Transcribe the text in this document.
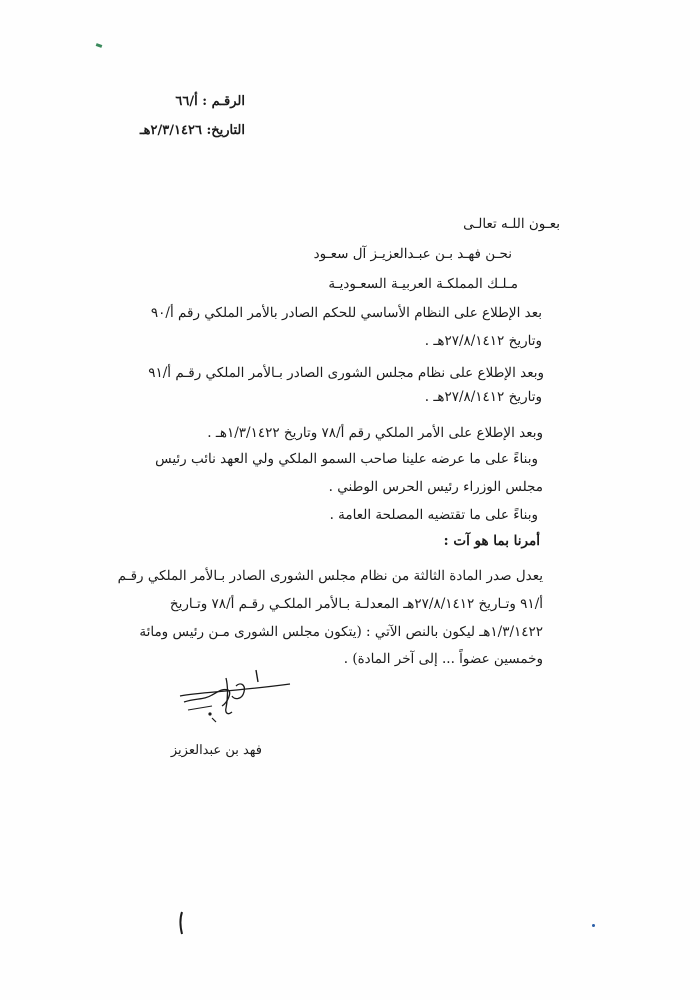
الرقـم : أ/٦٦
التاريخ: ٢/٣/١٤٢٦هـ
بعـون اللـه تعالـى
نحـن فهـد بـن عبـدالعزيـز آل سعـود
مـلـك المملكـة العربيـة السعـوديـة
بعد الإطلاع على النظام الأساسي للحكم الصادر بالأمر الملكي رقم أ/٩٠
وتاريخ ٢٧/٨/١٤١٢هـ .
وبعد الإطلاع على نظام مجلس الشورى الصادر بـالأمر الملكي رقـم أ/٩١
وتاريخ ٢٧/٨/١٤١٢هـ .
وبعد الإطلاع على الأمر الملكي رقم أ/٧٨ وتاريخ ١/٣/١٤٢٢هـ .
وبناءً على ما عرضه علينا صاحب السمو الملكي ولي العهد نائب رئيس
مجلس الوزراء رئيس الحرس الوطني .
وبناءً على ما تقتضيه المصلحة العامة .
أمرنا بما هو آت :
يعدل صدر المادة الثالثة من نظام مجلس الشورى الصادر بـالأمر الملكي رقـم
أ/٩١ وتـاريخ ٢٧/٨/١٤١٢هـ المعدلـة بـالأمر الملكـي رقـم أ/٧٨ وتـاريخ
١/٣/١٤٢٢هـ ليكون بالنص الآتي : (يتكون مجلس الشورى مـن رئيس ومائة
وخمسين عضواً ... إلى آخر المادة) .
فهد بن عبدالعزيز
